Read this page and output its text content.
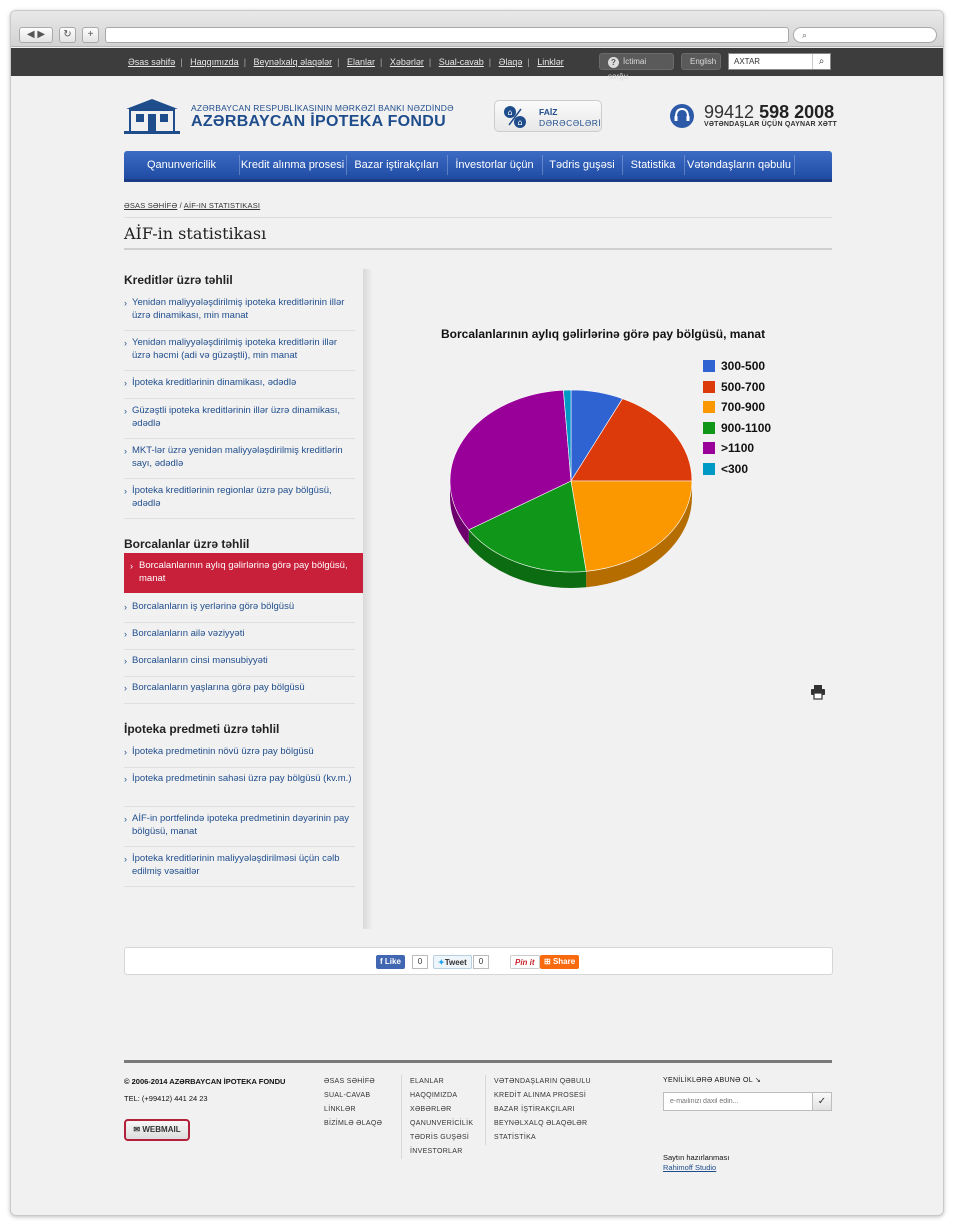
◀ ▶	↻	+	⌕
Əsas səhifə | Haqqımızda | Beynəlxalq əlaqələr | Elanlar | Xəbərlər | Sual-cavab | Əlaqə | Linklər	? İctimai sorğu
English	AXTAR	⌕
AZƏRBAYCAN RESPUBLİKASININ MƏRKƏZİ BANKI NƏZDİNDƏ
AZƏRBAYCAN İPOTEKA FONDU
⌂
⌂
FAİZ
DƏRƏCƏLƏRİ
99412 598 2008
VƏTƏNDAŞLAR ÜÇÜN QAYNAR XƏTT
Qanunvericilik	Kredit alınma prosesi Bazar iştirakçıları	İnvestorlar üçün	Tədris guşəsi	Statistika	Vətəndaşların qəbulu
ƏSAS SƏHİFƏ / AİF-IN STATISTIKASI
AİF-in statistikası
Kreditlər üzrə təhlil
› Yenidən maliyyələşdirilmiş ipoteka kreditlərinin illər üzrə dinamikası, min manat
› Yenidən maliyyələşdirilmiş ipoteka kreditlərin illər üzrə həcmi (adi və güzəştli), min manat
› İpoteka kreditlərinin dinamikası, ədədlə
› Güzəştli ipoteka kreditlərinin illər üzrə dinamikası, ədədlə
› MKT-lər üzrə yenidən maliyyələşdirilmiş kreditlərin sayı, ədədlə
› İpoteka kreditlərinin regionlar üzrə pay bölgüsü, ədədlə
Borcalanlar üzrə təhlil
› Borcalanlarının aylıq gəlirlərinə görə pay bölgüsü, manat
› Borcalanların iş yerlərinə görə bölgüsü
› Borcalanların ailə vəziyyəti
› Borcalanların cinsi mənsubiyyəti
› Borcalanların yaşlarına görə pay bölgüsü
İpoteka predmeti üzrə təhlil
› İpoteka predmetinin növü üzrə pay bölgüsü
› İpoteka predmetinin sahəsi üzrə pay bölgüsü (kv.m.)
› AİF-in portfelində ipoteka predmetinin dəyərinin pay bölgüsü, manat
› İpoteka kreditlərinin maliyyələşdirilməsi üçün cəlb edilmiş vəsaitlər
Borcalanlarının aylıq gəlirlərinə görə pay bölgüsü, manat
300-500
500-700
700-900
900-1100
>1100
<300
f Like	0	✦Tweet	0	Pin it	⊞ Share
© 2006-2014 AZƏRBAYCAN İPOTEKA FONDU
TEL: (+99412) 441 24 23
✉ WEBMAIL
ƏSAS SƏHİFƏ
SUAL-CAVAB
LİNKLƏR
BİZİMLƏ ƏLAQƏ
ELANLAR
HAQQIMIZDA
XƏBƏRLƏR
QANUNVERİCİLİK
TƏDRİS GUŞƏSİ
İNVESTORLAR
VƏTƏNDAŞLARIN QƏBULU
KREDİT ALINMA PROSESİ
BAZAR İŞTİRAKÇILARI
BEYNƏLXALQ ƏLAQƏLƏR
STATİSTİKA
YENİLİKLƏRƏ ABUNƏ OL ↘
e-mailinizi daxil edin...
✓
Saytın hazırlanması
Rahimoff Studio
